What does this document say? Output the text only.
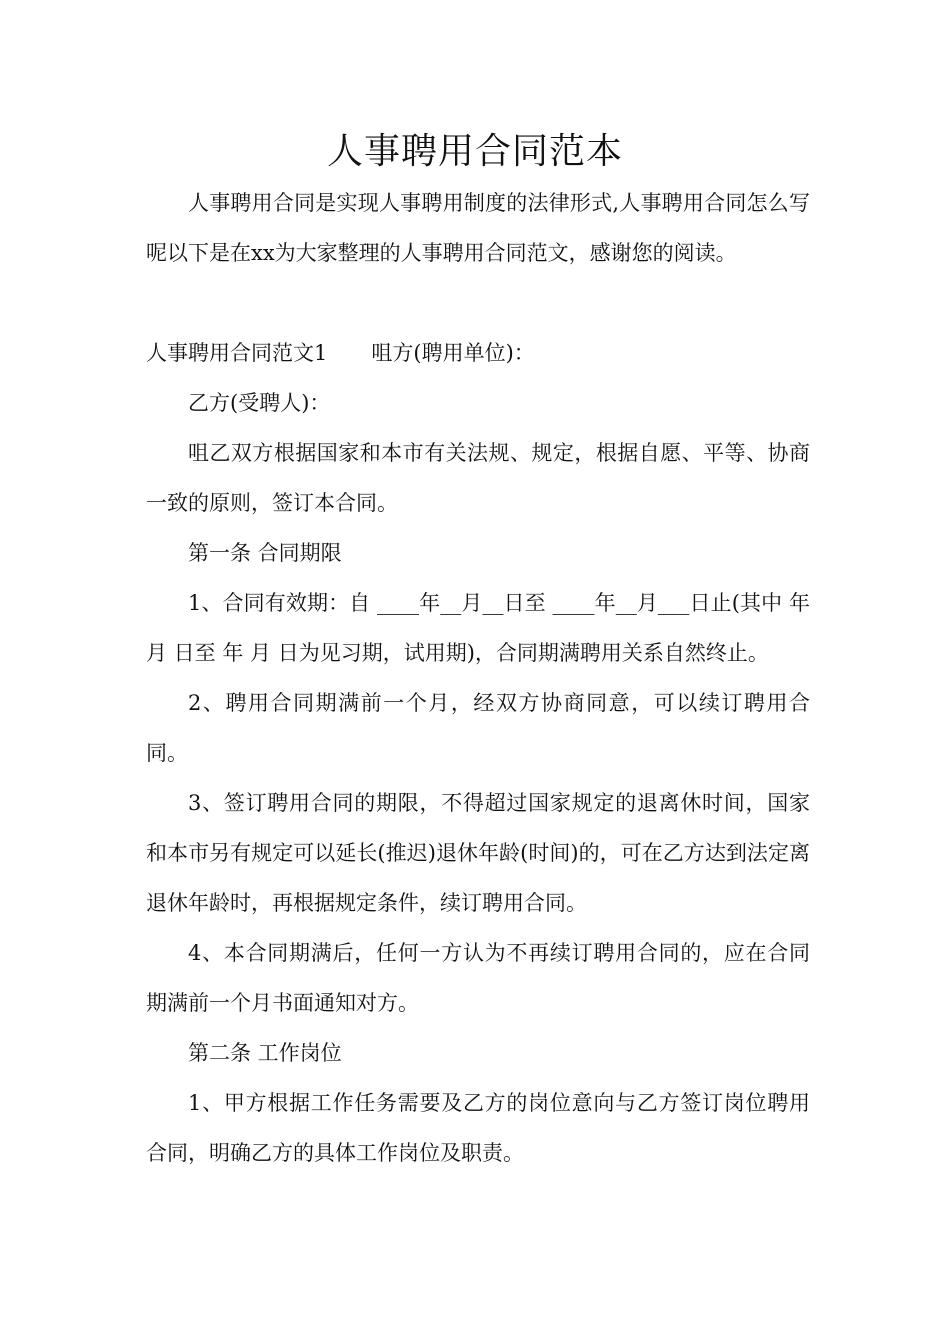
人事聘用合同范本

人事聘用合同是实现人事聘用制度的法律形式,人事聘用合同怎么写呢以下是在xx为大家整理的人事聘用合同范文，感谢您的阅读。

人事聘用合同范文1 咀方(聘用单位)：

乙方(受聘人)：

咀乙双方根据国家和本市有关法规、规定，根据自愿、平等、协商一致的原则，签订本合同。

第一条 合同期限

1、合同有效期：自 ____年__月__日至 ____年__月___日止(其中 年 月 日至 年 月 日为见习期，试用期)，合同期满聘用关系自然终止。

2、聘用合同期满前一个月，经双方协商同意，可以续订聘用合同。

3、签订聘用合同的期限，不得超过国家规定的退离休时间，国家和本市另有规定可以延长(推迟)退休年龄(时间)的，可在乙方达到法定离退休年龄时，再根据规定条件，续订聘用合同。

4、本合同期满后，任何一方认为不再续订聘用合同的，应在合同期满前一个月书面通知对方。

第二条 工作岗位

1、甲方根据工作任务需要及乙方的岗位意向与乙方签订岗位聘用合同，明确乙方的具体工作岗位及职责。
